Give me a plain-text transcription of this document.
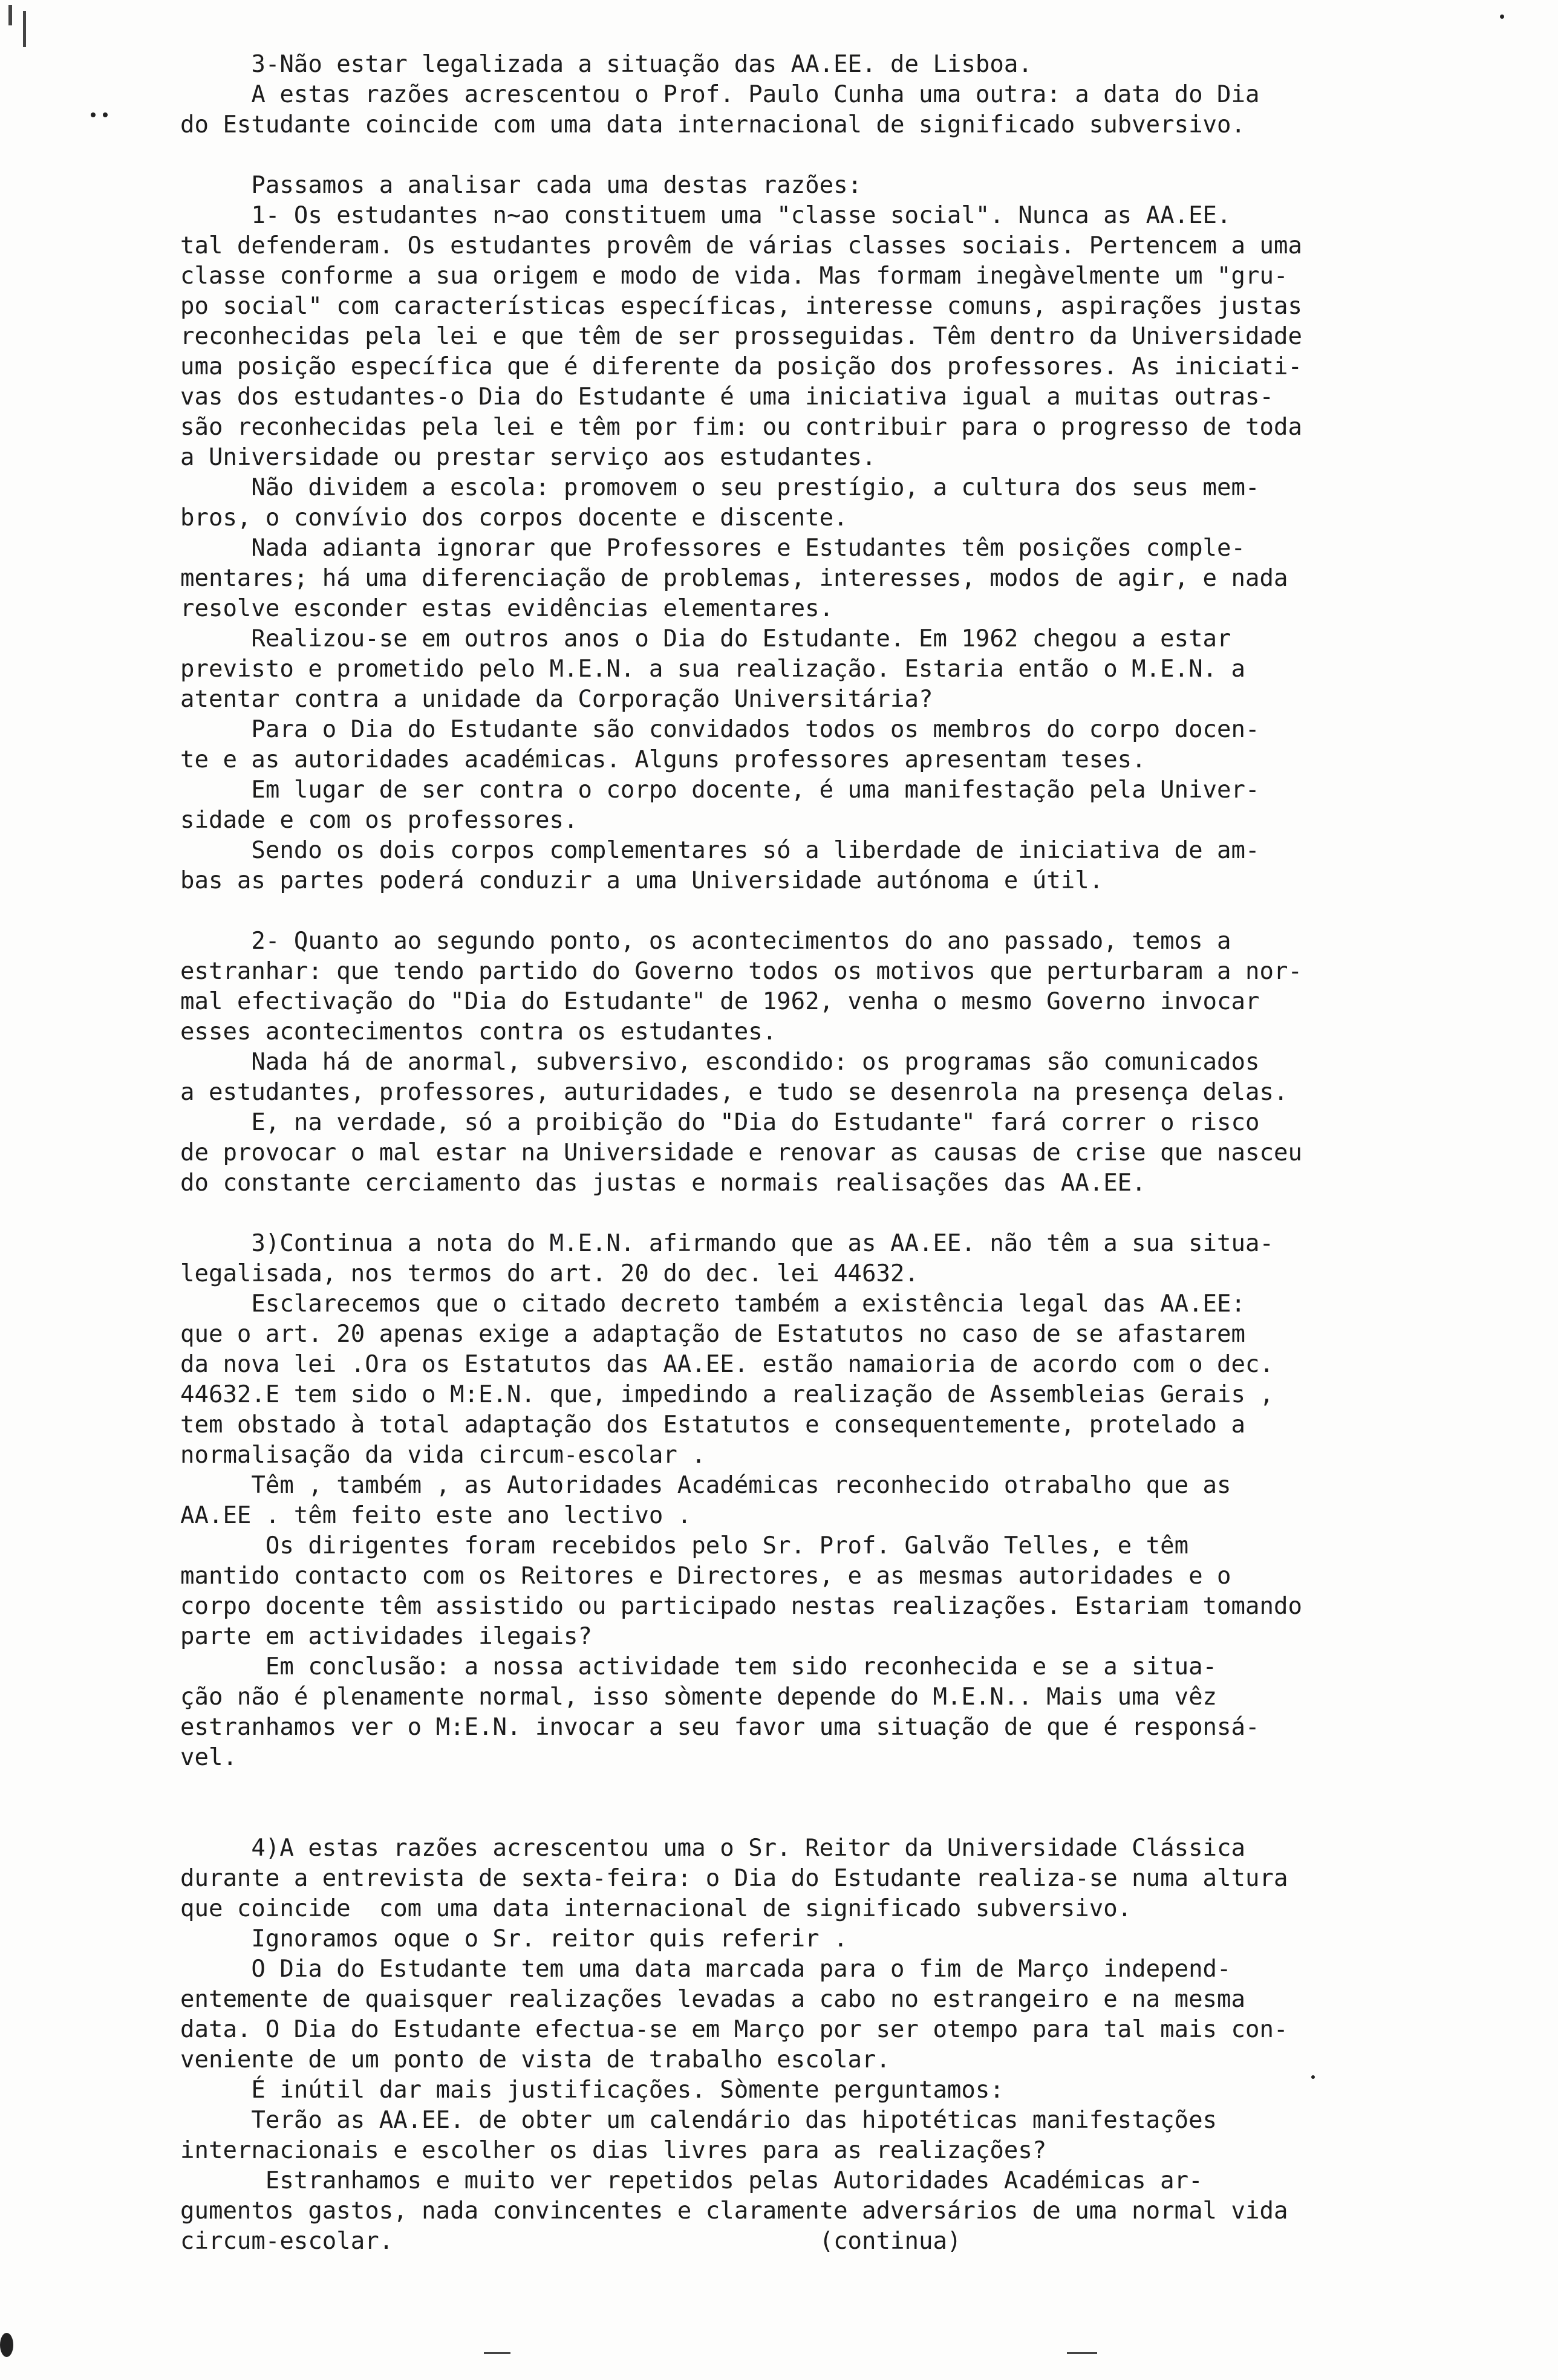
3-Não estar legalizada a situação das AA.EE. de Lisboa.
A estas razões acrescentou o Prof. Paulo Cunha uma outra: a data do Dia
do Estudante coincide com uma data internacional de significado subversivo.
Passamos a analisar cada uma destas razões:
1- Os estudantes n~ao constituem uma "classe social". Nunca as AA.EE.
tal defenderam. Os estudantes provêm de várias classes sociais. Pertencem a uma
classe conforme a sua origem e modo de vida. Mas formam inegàvelmente um "gru-
po social" com características específicas, interesse comuns, aspirações justas
reconhecidas pela lei e que têm de ser prosseguidas. Têm dentro da Universidade
uma posição específica que é diferente da posição dos professores. As iniciati-
vas dos estudantes-o Dia do Estudante é uma iniciativa igual a muitas outras-
são reconhecidas pela lei e têm por fim: ou contribuir para o progresso de toda
a Universidade ou prestar serviço aos estudantes.
Não dividem a escola: promovem o seu prestígio, a cultura dos seus mem-
bros, o convívio dos corpos docente e discente.
Nada adianta ignorar que Professores e Estudantes têm posições comple-
mentares; há uma diferenciação de problemas, interesses, modos de agir, e nada
resolve esconder estas evidências elementares.
Realizou-se em outros anos o Dia do Estudante. Em 1962 chegou a estar
previsto e prometido pelo M.E.N. a sua realização. Estaria então o M.E.N. a
atentar contra a unidade da Corporação Universitária?
Para o Dia do Estudante são convidados todos os membros do corpo docen-
te e as autoridades académicas. Alguns professores apresentam teses.
Em lugar de ser contra o corpo docente, é uma manifestação pela Univer-
sidade e com os professores.
Sendo os dois corpos complementares só a liberdade de iniciativa de am-
bas as partes poderá conduzir a uma Universidade autónoma e útil.
2- Quanto ao segundo ponto, os acontecimentos do ano passado, temos a
estranhar: que tendo partido do Governo todos os motivos que perturbaram a nor-
mal efectivação do "Dia do Estudante" de 1962, venha o mesmo Governo invocar
esses acontecimentos contra os estudantes.
Nada há de anormal, subversivo, escondido: os programas são comunicados
a estudantes, professores, auturidades, e tudo se desenrola na presença delas.
E, na verdade, só a proibição do "Dia do Estudante" fará correr o risco
de provocar o mal estar na Universidade e renovar as causas de crise que nasceu
do constante cerciamento das justas e normais realisações das AA.EE.
3)Continua a nota do M.E.N. afirmando que as AA.EE. não têm a sua situa-
legalisada, nos termos do art. 20 do dec. lei 44632.
Esclarecemos que o citado decreto também a existência legal das AA.EE:
que o art. 20 apenas exige a adaptação de Estatutos no caso de se afastarem
da nova lei .Ora os Estatutos das AA.EE. estão namaioria de acordo com o dec.
44632.E tem sido o M:E.N. que, impedindo a realização de Assembleias Gerais ,
tem obstado à total adaptação dos Estatutos e consequentemente, protelado a
normalisação da vida circum-escolar .
Têm , também , as Autoridades Académicas reconhecido otrabalho que as
AA.EE . têm feito este ano lectivo .
Os dirigentes foram recebidos pelo Sr. Prof. Galvão Telles, e têm
mantido contacto com os Reitores e Directores, e as mesmas autoridades e o
corpo docente têm assistido ou participado nestas realizações. Estariam tomando
parte em actividades ilegais?
Em conclusão: a nossa actividade tem sido reconhecida e se a situa-
ção não é plenamente normal, isso sòmente depende do M.E.N.. Mais uma vêz
estranhamos ver o M:E.N. invocar a seu favor uma situação de que é responsá-
vel.
4)A estas razões acrescentou uma o Sr. Reitor da Universidade Clássica
durante a entrevista de sexta-feira: o Dia do Estudante realiza-se numa altura
que coincide  com uma data internacional de significado subversivo.
Ignoramos oque o Sr. reitor quis referir .
O Dia do Estudante tem uma data marcada para o fim de Março independ-
entemente de quaisquer realizações levadas a cabo no estrangeiro e na mesma
data. O Dia do Estudante efectua-se em Março por ser otempo para tal mais con-
veniente de um ponto de vista de trabalho escolar.
É inútil dar mais justificações. Sòmente perguntamos:
Terão as AA.EE. de obter um calendário das hipotéticas manifestações
internacionais e escolher os dias livres para as realizações?
Estranhamos e muito ver repetidos pelas Autoridades Académicas ar-
gumentos gastos, nada convincentes e claramente adversários de uma normal vida
circum-escolar.                              (continua)
